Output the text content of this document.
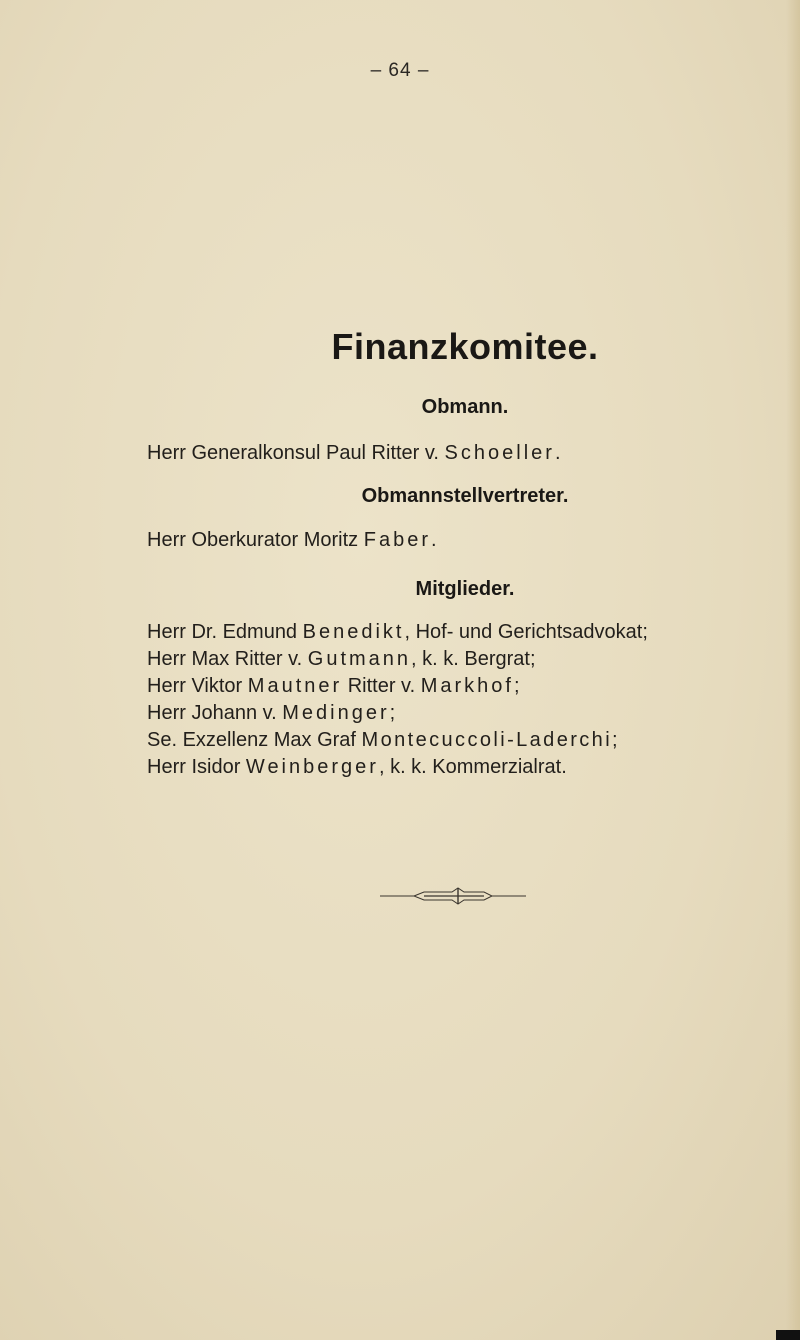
– 64 –
Finanzkomitee.
Obmann.
Herr Generalkonsul Paul Ritter v. Schoeller.
Obmannstellvertreter.
Herr Oberkurator Moritz Faber.
Mitglieder.
Herr Dr. Edmund Benedikt, Hof- und Gerichtsadvokat;
Herr Max Ritter v. Gutmann, k. k. Bergrat;
Herr Viktor Mautner Ritter v. Markhof;
Herr Johann v. Medinger;
Se. Exzellenz Max Graf Montecuccoli-Laderchi;
Herr Isidor Weinberger, k. k. Kommerzialrat.
